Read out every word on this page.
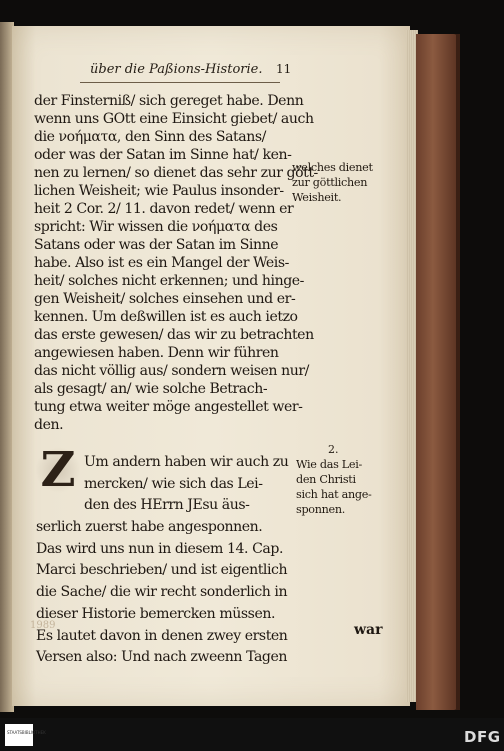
über die Paßions-Historie. 11
der Finsterniß/ sich gereget habe. Denn
wenn uns GOtt eine Einsicht giebet/ auch
die νοήματα, den Sinn des Satans/
oder was der Satan im Sinne hat/ ken-
nen zu lernen/ so dienet das sehr zur gött-
lichen Weisheit; wie Paulus insonder-
heit 2 Cor. 2/ 11. davon redet/ wenn er
spricht: Wir wissen die νοήματα des
Satans oder was der Satan im Sinne
habe. Also ist es ein Mangel der Weis-
heit/ solches nicht erkennen; und hinge-
gen Weisheit/ solches einsehen und er-
kennen. Um deßwillen ist es auch ietzo
das erste gewesen/ das wir zu betrachten
angewiesen haben. Denn wir führen
das nicht völlig aus/ sondern weisen nur/
als gesagt/ an/ wie solche Betrach-
tung etwa weiter möge angestellet wer-
den.
Z Um andern haben wir auch zu
mercken/ wie sich das Lei-
den des HErrn JEsu äus-
serlich zuerst habe angesponnen.
Das wird uns nun in diesem 14. Cap.
Marci beschrieben/ und ist eigentlich
die Sache/ die wir recht sonderlich in
dieser Historie bemercken müssen.
Es lautet davon in denen zwey ersten
Versen also: Und nach zweenn Tagen
war
welches dienet
zur göttlichen
Weisheit.
2.
Wie das Lei-
den Christi
sich hat ange-
sponnen.
1989
STAATSBIBLIOTHEK	DFG
